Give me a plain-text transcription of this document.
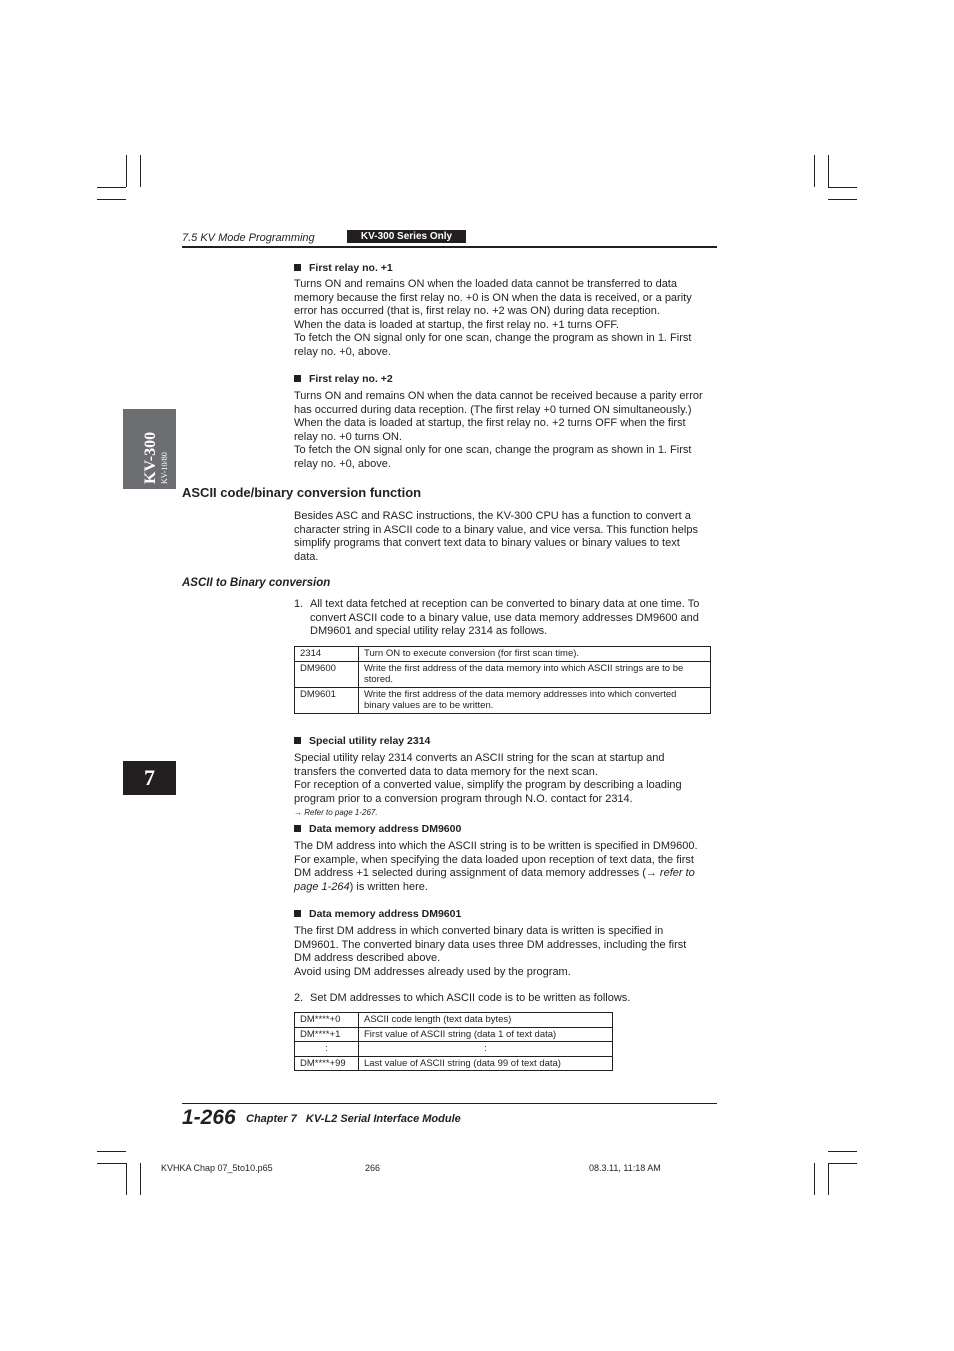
7.5 KV Mode Programming	KV-300 Series Only
KV-300 KV-10/80
7
First relay no. +1
Turns ON and remains ON when the loaded data cannot be transferred to data
memory because the first relay no. +0 is ON when the data is received, or a parity
error has occurred (that is, first relay no. +2 was ON) during data reception.
When the data is loaded at startup, the first relay no. +1 turns OFF.
To fetch the ON signal only for one scan, change the program as shown in 1. First
relay no. +0, above.
First relay no. +2
Turns ON and remains ON when the data cannot be received because a parity error
has occurred during data reception. (The first relay +0 turned ON simultaneously.)
When the data is loaded at startup, the first relay no. +2 turns OFF when the first
relay no. +0 turns ON.
To fetch the ON signal only for one scan, change the program as shown in 1. First
relay no. +0, above.
ASCII code/binary conversion function
Besides ASC and RASC instructions, the KV-300 CPU has a function to convert a
character string in ASCII code to a binary value, and vice versa. This function helps
simplify programs that convert text data to binary values or binary values to text
data.
ASCII to Binary conversion
1. All text data fetched at reception can be converted to binary data at one time. To
convert ASCII code to a binary value, use data memory addresses DM9600 and
DM9601 and special utility relay 2314 as follows.
2314	Turn ON to execute conversion (for first scan time).
DM9600	Write the first address of the data memory into which ASCII strings are to be
stored.

DM9601	Write the first address of the data memory addresses into which converted
binary values are to be written.
Special utility relay 2314
Special utility relay 2314 converts an ASCII string for the scan at startup and
transfers the converted data to data memory for the next scan.
For reception of a converted value, simplify the program by describing a loading
program prior to a conversion program through N.O. contact for 2314.
→ Refer to page 1-267.
Data memory address DM9600
The DM address into which the ASCII string is to be written is specified in DM9600.
For example, when specifying the data loaded upon reception of text data, the first
DM address +1 selected during assignment of data memory addresses (→ refer to
page 1-264) is written here.
Data memory address DM9601
The first DM address in which converted binary data is written is specified in
DM9601. The converted binary data uses three DM addresses, including the first
DM address described above.
Avoid using DM addresses already used by the program.
2. Set DM addresses to which ASCII code is to be written as follows.
DM****+0	ASCII code length (text data bytes)
DM****+1	First value of ASCII string (data 1 of text data)
:	:
DM****+99	Last value of ASCII string (data 99 of text data)
1-266 Chapter 7   KV-L2 Serial Interface Module
KVHKA Chap 07_5to10.p65	266	08.3.11, 11:18 AM
